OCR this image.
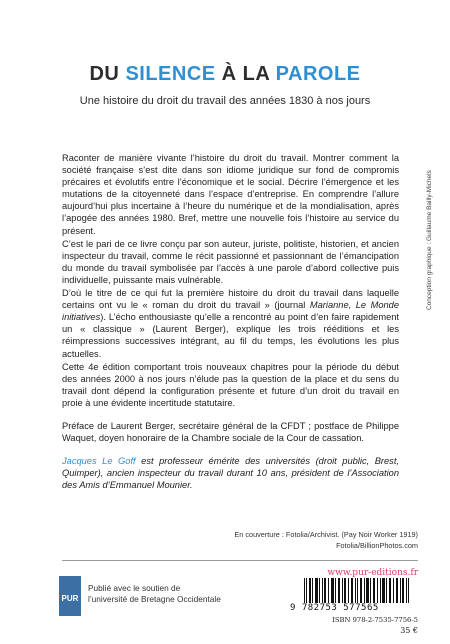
DU SILENCE À LA PAROLE
Une histoire du droit du travail des années 1830 à nos jours

Raconter de manière vivante l’histoire du droit du travail. Montrer comment la société française s’est dite dans son idiome juridique sur fond de compromis précaires et évolutifs entre l’économique et le social. Décrire l’émergence et les mutations de la citoyenneté dans l’espace d’entreprise. En comprendre l’allure aujourd’hui plus incertaine à l’heure du numérique et de la mondialisation, après l’apogée des années 1980. Bref, mettre une nouvelle fois l’histoire au service du présent.

C’est le pari de ce livre conçu par son auteur, juriste, politiste, historien, et ancien inspecteur du travail, comme le récit passionné et passionnant de l’émancipation du monde du travail symbolisée par l’accès à une parole d’abord collective puis individuelle, puissante mais vulnérable.

D’où le titre de ce qui fut la première histoire du droit du travail dans laquelle certains ont vu le « roman du droit du travail » (journal Marianne, Le Monde initiatives). L’écho enthousiaste qu’elle a rencontré au point d’en faire rapidement un « classique » (Laurent Berger), explique les trois rééditions et les réimpressions successives intégrant, au fil du temps, les évolutions les plus actuelles.

Cette 4e édition comportant trois nouveaux chapitres pour la période du début des années 2000 à nos jours n’élude pas la question de la place et du sens du travail dont dépend la configuration présente et future d’un droit du travail en proie à une évidente incertitude statutaire.

Préface de Laurent Berger, secrétaire général de la CFDT ; postface de Philippe Waquet, doyen honoraire de la Chambre sociale de la Cour de cassation.

Jacques Le Goff est professeur émérite des universités (droit public, Brest, Quimper), ancien inspecteur du travail durant 10 ans, président de l’Association des Amis d’Emmanuel Mounier.

Conception graphique : Guillaume Bailly-Michels
En couverture : Fotolia/Archivist. (Pay Noir Worker 1919)
Fotolia/BillionPhotos.com
www.pur-editions.fr
PUR
Publié avec le soutien de
l’université de Bretagne Occidentale
9 782753 577565
ISBN 978-2-7535-7756-5
35 €
